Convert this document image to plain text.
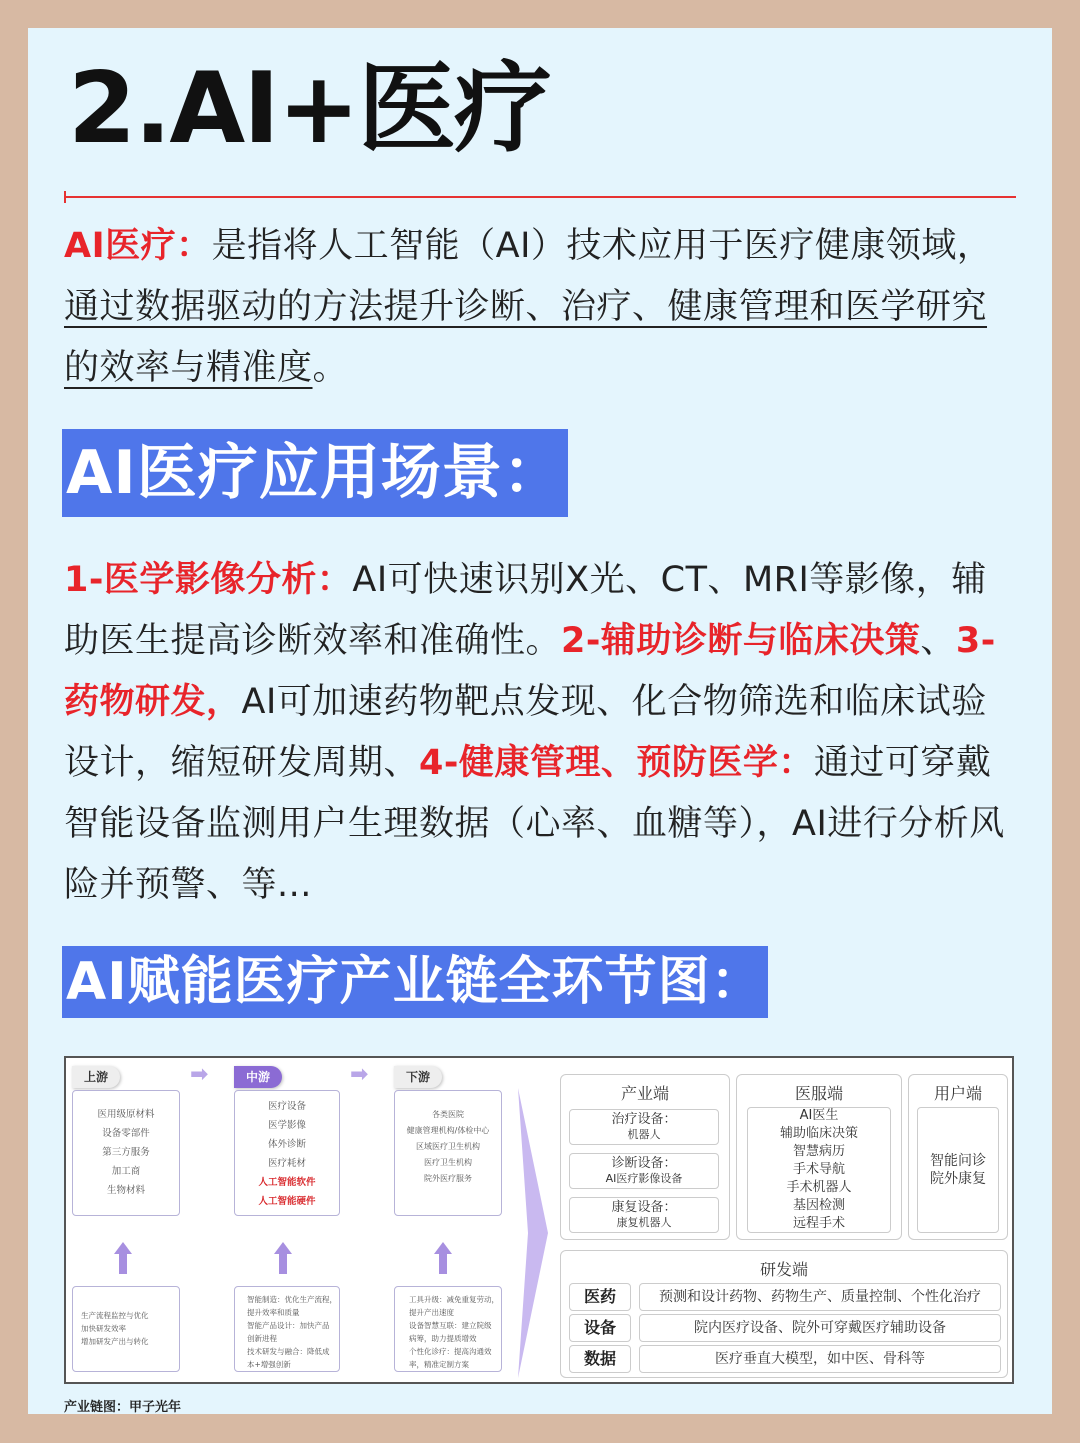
2.AI+医疗
AI医疗：是指将人工智能（AI）技术应用于医疗健康领域，通过数据驱动的方法提升诊断、治疗、健康管理和医学研究的效率与精准度。
AI医疗应用场景：
1-医学影像分析：AI可快速识别X光、CT、MRI等影像，辅助医生提高诊断效率和准确性。2-辅助诊断与临床决策、3-药物研发，AI可加速药物靶点发现、化合物筛选和临床试验设计，缩短研发周期、4-健康管理、预防医学：通过可穿戴智能设备监测用户生理数据（心率、血糖等），AI进行分析风险并预警、等...
AI赋能医疗产业链全环节图：
上游	➡	中游	➡	下游
医用级原材料
设备零部件
第三方服务
加工商
生物材料
医疗设备
医学影像
体外诊断
医疗耗材
人工智能软件
人工智能硬件
各类医院
健康管理机构/体检中心
区域医疗卫生机构
医疗卫生机构
院外医疗服务
生产流程监控与优化
加快研发效率
增加研发产出与转化
智能制造：优化生产流程，
提升效率和质量
智能产品设计：加快产品
创新进程
技术研发与融合：降低成
本+增强创新
工具升级：减免重复劳动，
提升产出速度
设备智慧互联：建立院级
病筹，助力提质增效
个性化诊疗：提高沟通效
率，精准定制方案
产业端
治疗设备：
机器人
诊断设备：
AI医疗影像设备
康复设备：
康复机器人
医服端
AI医生
辅助临床决策
智慧病历
手术导航
手术机器人
基因检测
远程手术
用户端
智能问诊
院外康复
研发端
医药	预测和设计药物、药物生产、质量控制、个性化治疗
设备	院内医疗设备、院外可穿戴医疗辅助设备
数据	医疗垂直大模型，如中医、骨科等
产业链图：甲子光年
